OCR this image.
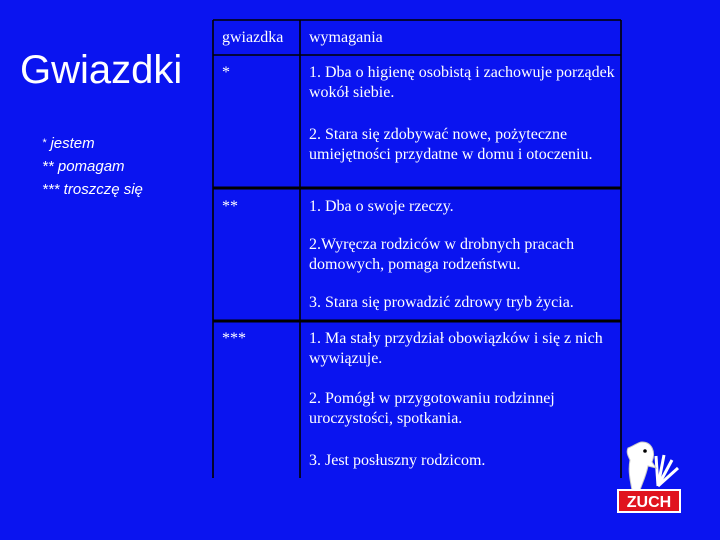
Gwiazdki
* jestem
** pomagam
*** troszczę się
gwiazdka wymagania
*	1. Dba o higienę osobistą i zachowuje porządek wokół siebie.
2. Stara się zdobywać nowe, pożyteczne umiejętności przydatne w domu i otoczeniu.
**	1. Dba o swoje rzeczy.
2.Wyręcza rodziców w drobnych pracach domowych, pomaga rodzeństwu.
3. Stara się prowadzić zdrowy tryb życia.
***	1. Ma stały przydział obowiązków i się z nich wywiązuje.
2. Pomógł w przygotowaniu rodzinnej uroczystości, spotkania.
3. Jest posłuszny rodzicom.
ZUCH
